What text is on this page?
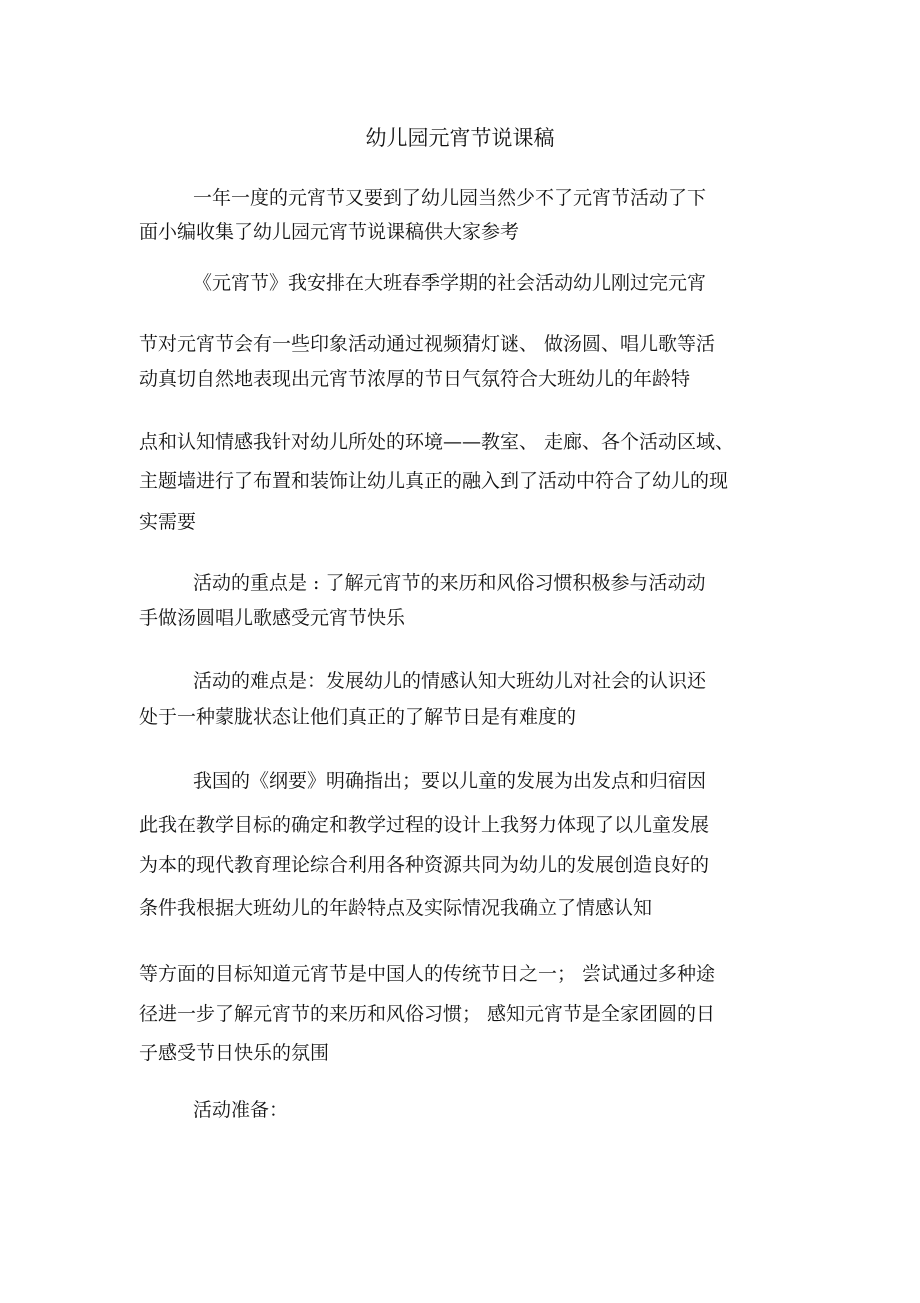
幼儿园元宵节说课稿
一年一度的元宵节又要到了幼儿园当然少不了元宵节活动了下
面小编收集了幼儿园元宵节说课稿供大家参考
《元宵节》我安排在大班春季学期的社会活动幼儿刚过完元宵
节对元宵节会有一些印象活动通过视频猜灯谜、 做汤圆、唱儿歌等活
动真切自然地表现出元宵节浓厚的节日气氛符合大班幼儿的年龄特
点和认知情感我针对幼儿所处的环境——教室、 走廊、各个活动区域、
主题墙进行了布置和装饰让幼儿真正的融入到了活动中符合了幼儿的现
实需要
活动的重点是 : 了解元宵节的来历和风俗习惯积极参与活动动
手做汤圆唱儿歌感受元宵节快乐
活动的难点是：发展幼儿的情感认知大班幼儿对社会的认识还
处于一种蒙胧状态让他们真正的了解节日是有难度的
我国的《纲要》明确指出；要以儿童的发展为出发点和归宿因
此我在教学目标的确定和教学过程的设计上我努力体现了以儿童发展
为本的现代教育理论综合利用各种资源共同为幼儿的发展创造良好的
条件我根据大班幼儿的年龄特点及实际情况我确立了情感认知
等方面的目标知道元宵节是中国人的传统节日之一； 尝试通过多种途
径进一步了解元宵节的来历和风俗习惯； 感知元宵节是全家团圆的日
子感受节日快乐的氛围
活动准备：
